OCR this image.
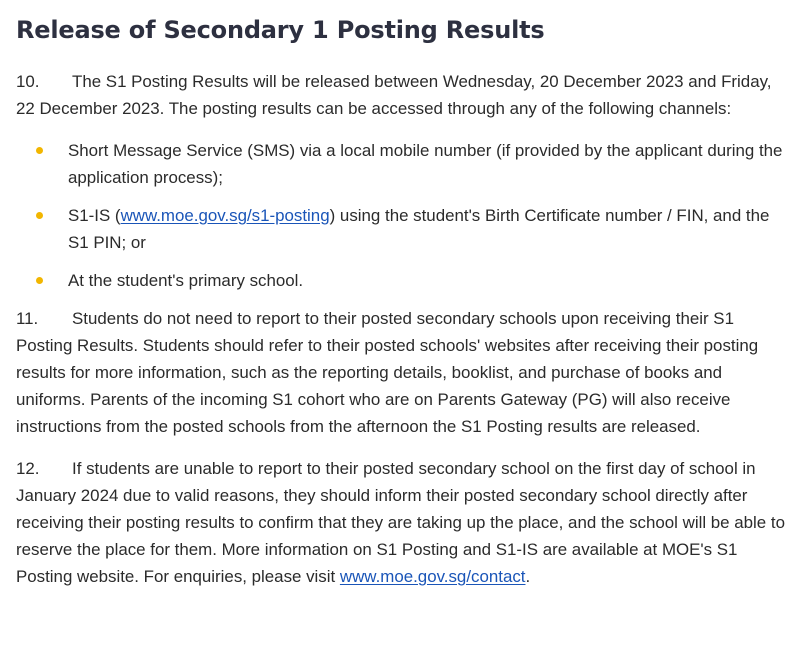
Release of Secondary 1 Posting Results

10. The S1 Posting Results will be released between Wednesday, 20 December 2023 and Friday, 22 December 2023. The posting results can be accessed through any of the following channels:

Short Message Service (SMS) via a local mobile number (if provided by the applicant during the application process);
S1-IS (www.moe.gov.sg/s1-posting) using the student's Birth Certificate number / FIN, and the S1 PIN; or
At the student's primary school.

11. Students do not need to report to their posted secondary schools upon receiving their S1 Posting Results. Students should refer to their posted schools' websites after receiving their posting results for more information, such as the reporting details, booklist, and purchase of books and uniforms. Parents of the incoming S1 cohort who are on Parents Gateway (PG) will also receive instructions from the posted schools from the afternoon the S1 Posting results are released.

12. If students are unable to report to their posted secondary school on the first day of school in January 2024 due to valid reasons, they should inform their posted secondary school directly after receiving their posting results to confirm that they are taking up the place, and the school will be able to reserve the place for them. More information on S1 Posting and S1-IS are available at MOE's S1 Posting website. For enquiries, please visit www.moe.gov.sg/contact.
